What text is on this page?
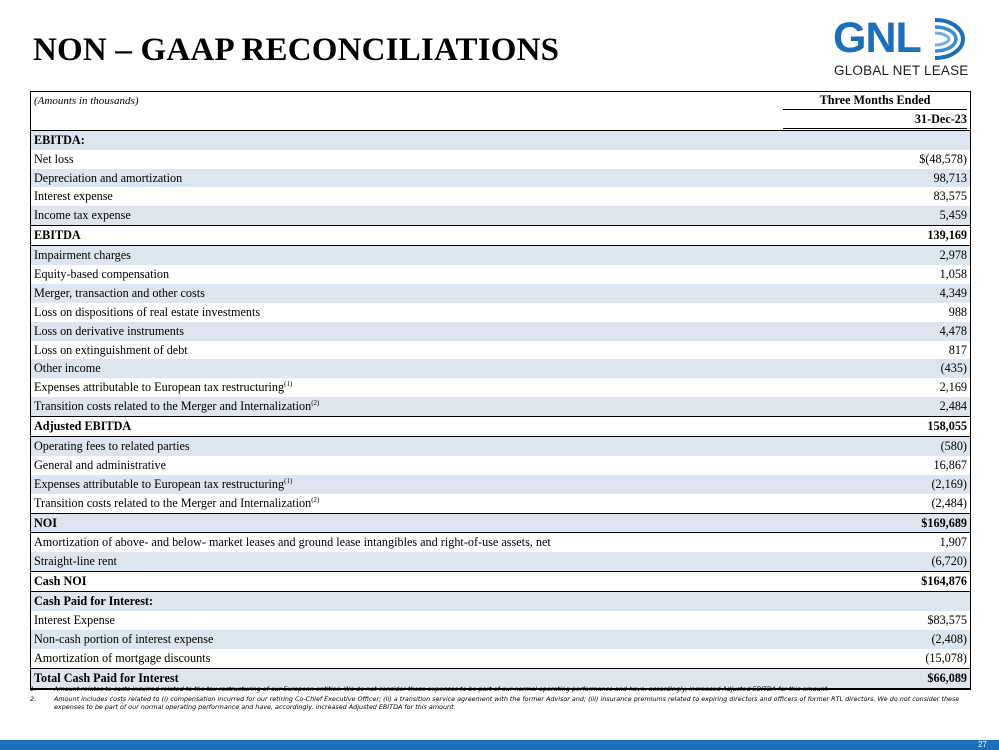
NON – GAAP RECONCILIATIONS	GNL
GLOBAL NET LEASE
(Amounts in thousands)	Three Months Ended
	31-Dec-23
EBITDA:	
Net loss	$(48,578)
Depreciation and amortization	98,713
Interest expense	83,575
Income tax expense	5,459
EBITDA	139,169
Impairment charges	2,978
Equity-based compensation	1,058
Merger, transaction and other costs	4,349
Loss on dispositions of real estate investments	988
Loss on derivative instruments	4,478
Loss on extinguishment of debt	817
Other income	(435)
Expenses attributable to European tax restructuring$^{(1)}$	2,169
Transition costs related to the Merger and Internalization$^{(2)}$	2,484
Adjusted EBITDA	158,055
Operating fees to related parties	(580)
General and administrative	16,867
Expenses attributable to European tax restructuring$^{(1)}$	(2,169)
Transition costs related to the Merger and Internalization$^{(2)}$	(2,484)
NOI	$169,689
Amortization of above- and below- market leases and ground lease intangibles and right-of-use assets, net	1,907
Straight-line rent	(6,720)
Cash NOI	$164,876
Cash Paid for Interest:	
Interest Expense	$83,575
Non-cash portion of interest expense	(2,408)
Amortization of mortgage discounts	(15,078)
Total Cash Paid for Interest	$66,089
1.	Amount relates to costs incurred related to the tax restructuring of our European entities. We do not consider these expenses to be part of our normal operating performance and have, accordingly, increased Adjusted EBITDA for this amount.
2.	Amount includes costs related to (i) compensation incurred for our retiring Co-Chief Executive Officer; (ii) a transition service agreement with the former Advisor and; (iii) insurance premiums related to expiring directors and officers of former RTL directors. We do not consider these expenses to be part of our normal operating performance and have, accordingly, increased Adjusted EBITDA for this amount.
27
